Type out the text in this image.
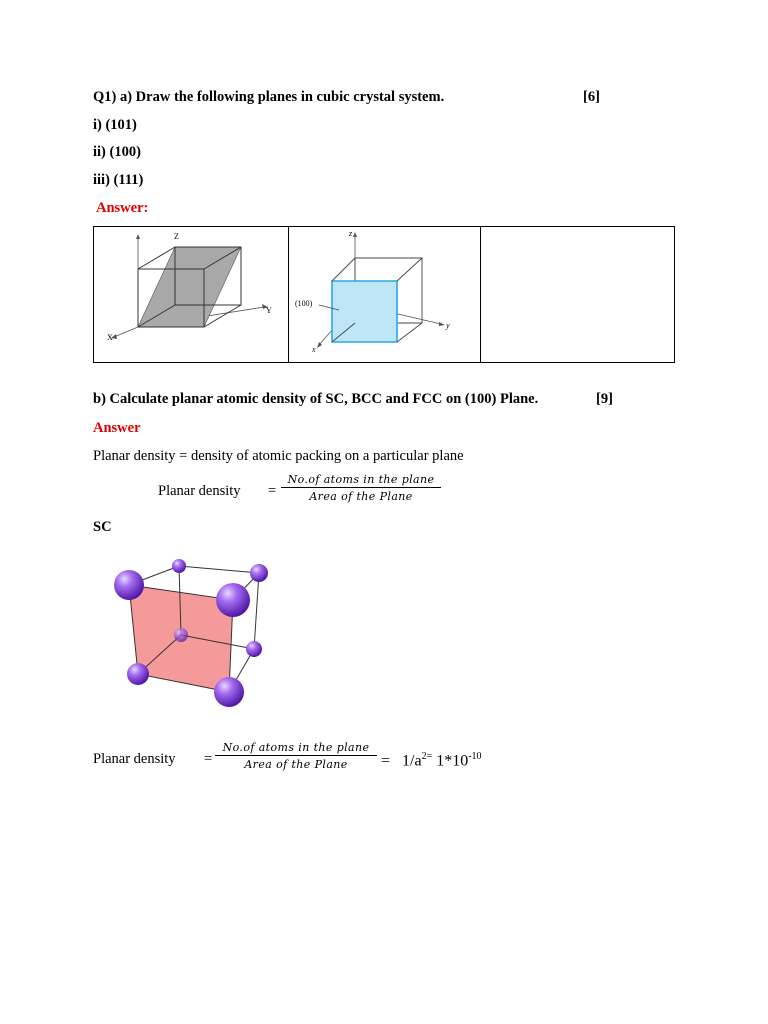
Q1) a) Draw the following planes in cubic crystal system.	[6]
i) (101)
ii) (100)
iii) (111)
Answer:
Z
Y
X
(100)
z
y
x
b) Calculate planar atomic density of SC, BCC and FCC on (100) Plane.	[9]
Answer
Planar density = density of atomic packing on a particular plane
Planar density =
No.of atoms in the plane
Area of the Plane
SC
Planar density =
No.of atoms in the plane
Area of the Plane	= $1/a^{2=}$ $1*10^{-10}$
